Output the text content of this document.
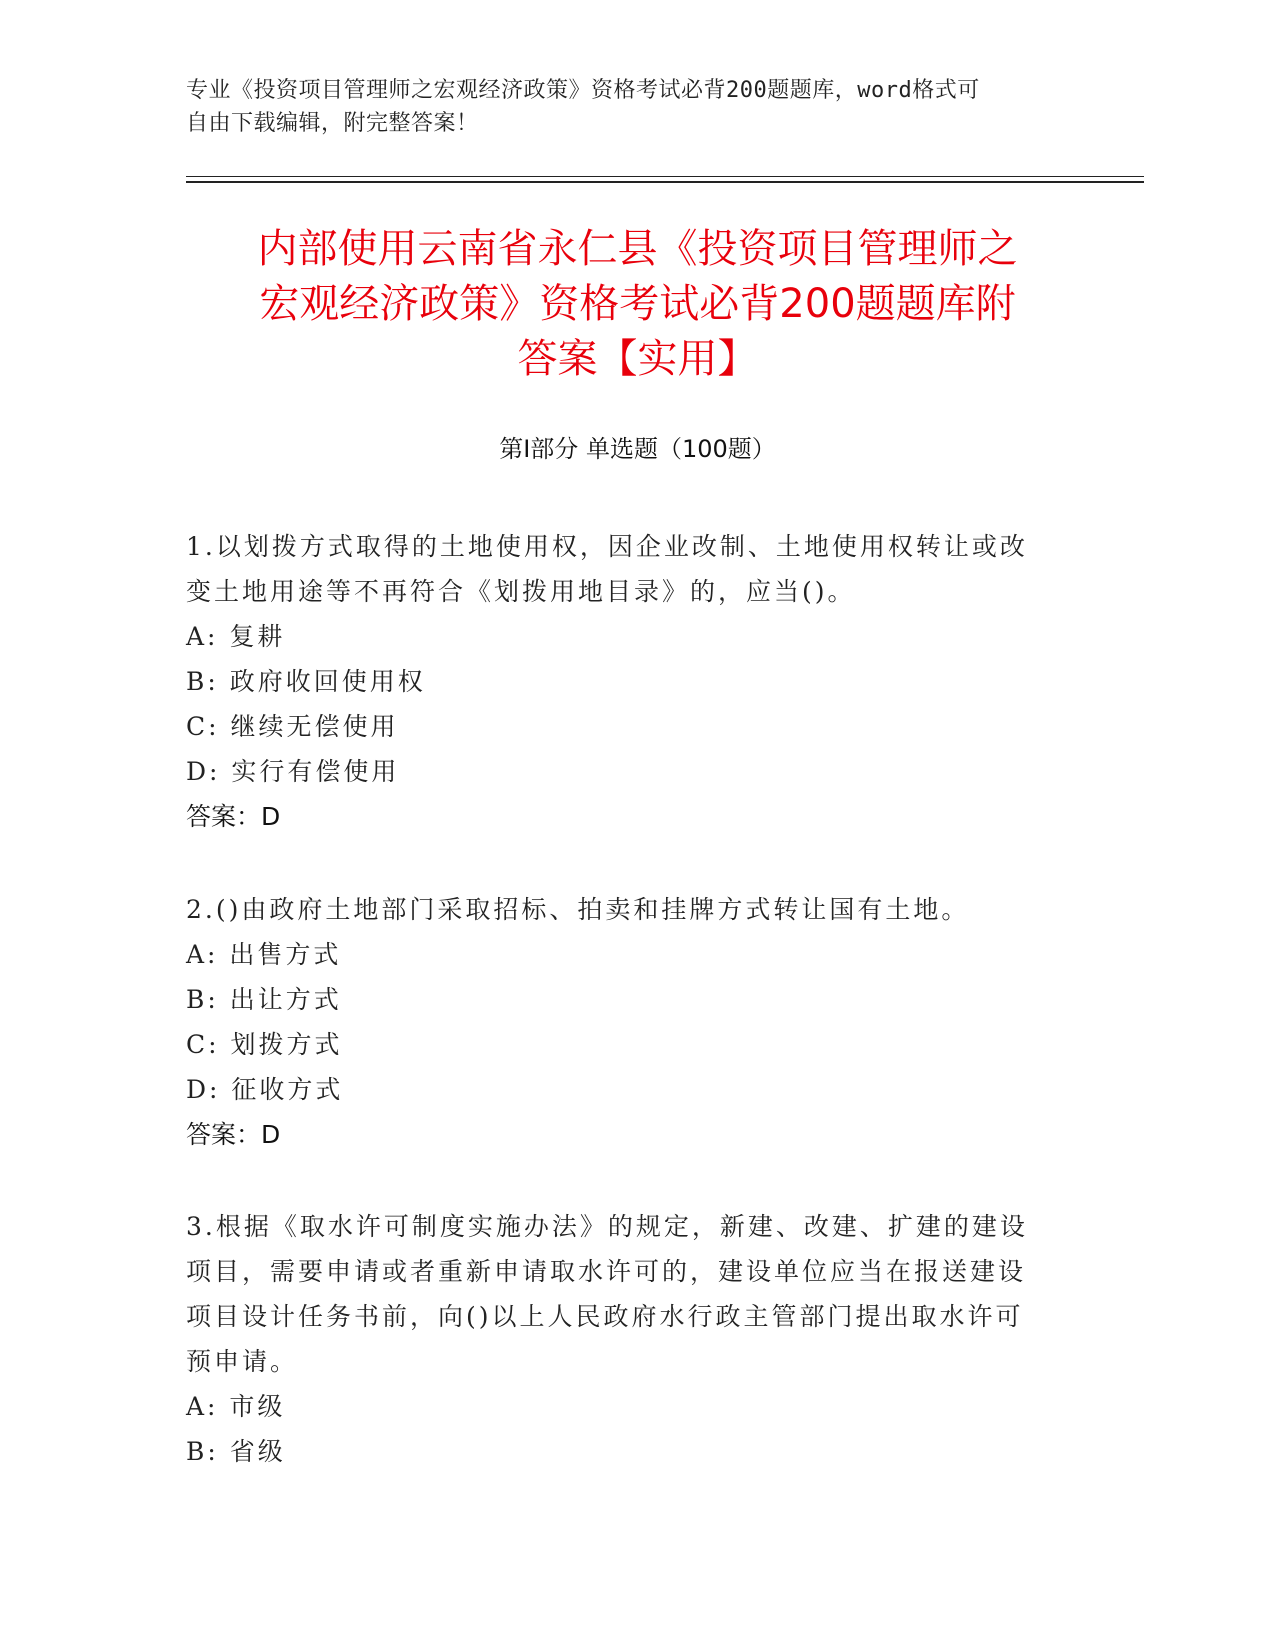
专业《投资项目管理师之宏观经济政策》资格考试必背200题题库，word格式可
自由下载编辑，附完整答案！
内部使用云南省永仁县《投资项目管理师之
宏观经济政策》资格考试必背200题题库附
答案【实用】
第Ⅰ部分 单选题（100题）
1.以划拨方式取得的土地使用权，因企业改制、土地使用权转让或改
变土地用途等不再符合《划拨用地目录》的，应当()。
A: 复耕
B: 政府收回使用权
C: 继续无偿使用
D: 实行有偿使用
答案：D
2.()由政府土地部门采取招标、拍卖和挂牌方式转让国有土地。
A: 出售方式
B: 出让方式
C: 划拨方式
D: 征收方式
答案：D
3.根据《取水许可制度实施办法》的规定，新建、改建、扩建的建设
项目，需要申请或者重新申请取水许可的，建设单位应当在报送建设
项目设计任务书前，向()以上人民政府水行政主管部门提出取水许可
预申请。
A: 市级
B: 省级
